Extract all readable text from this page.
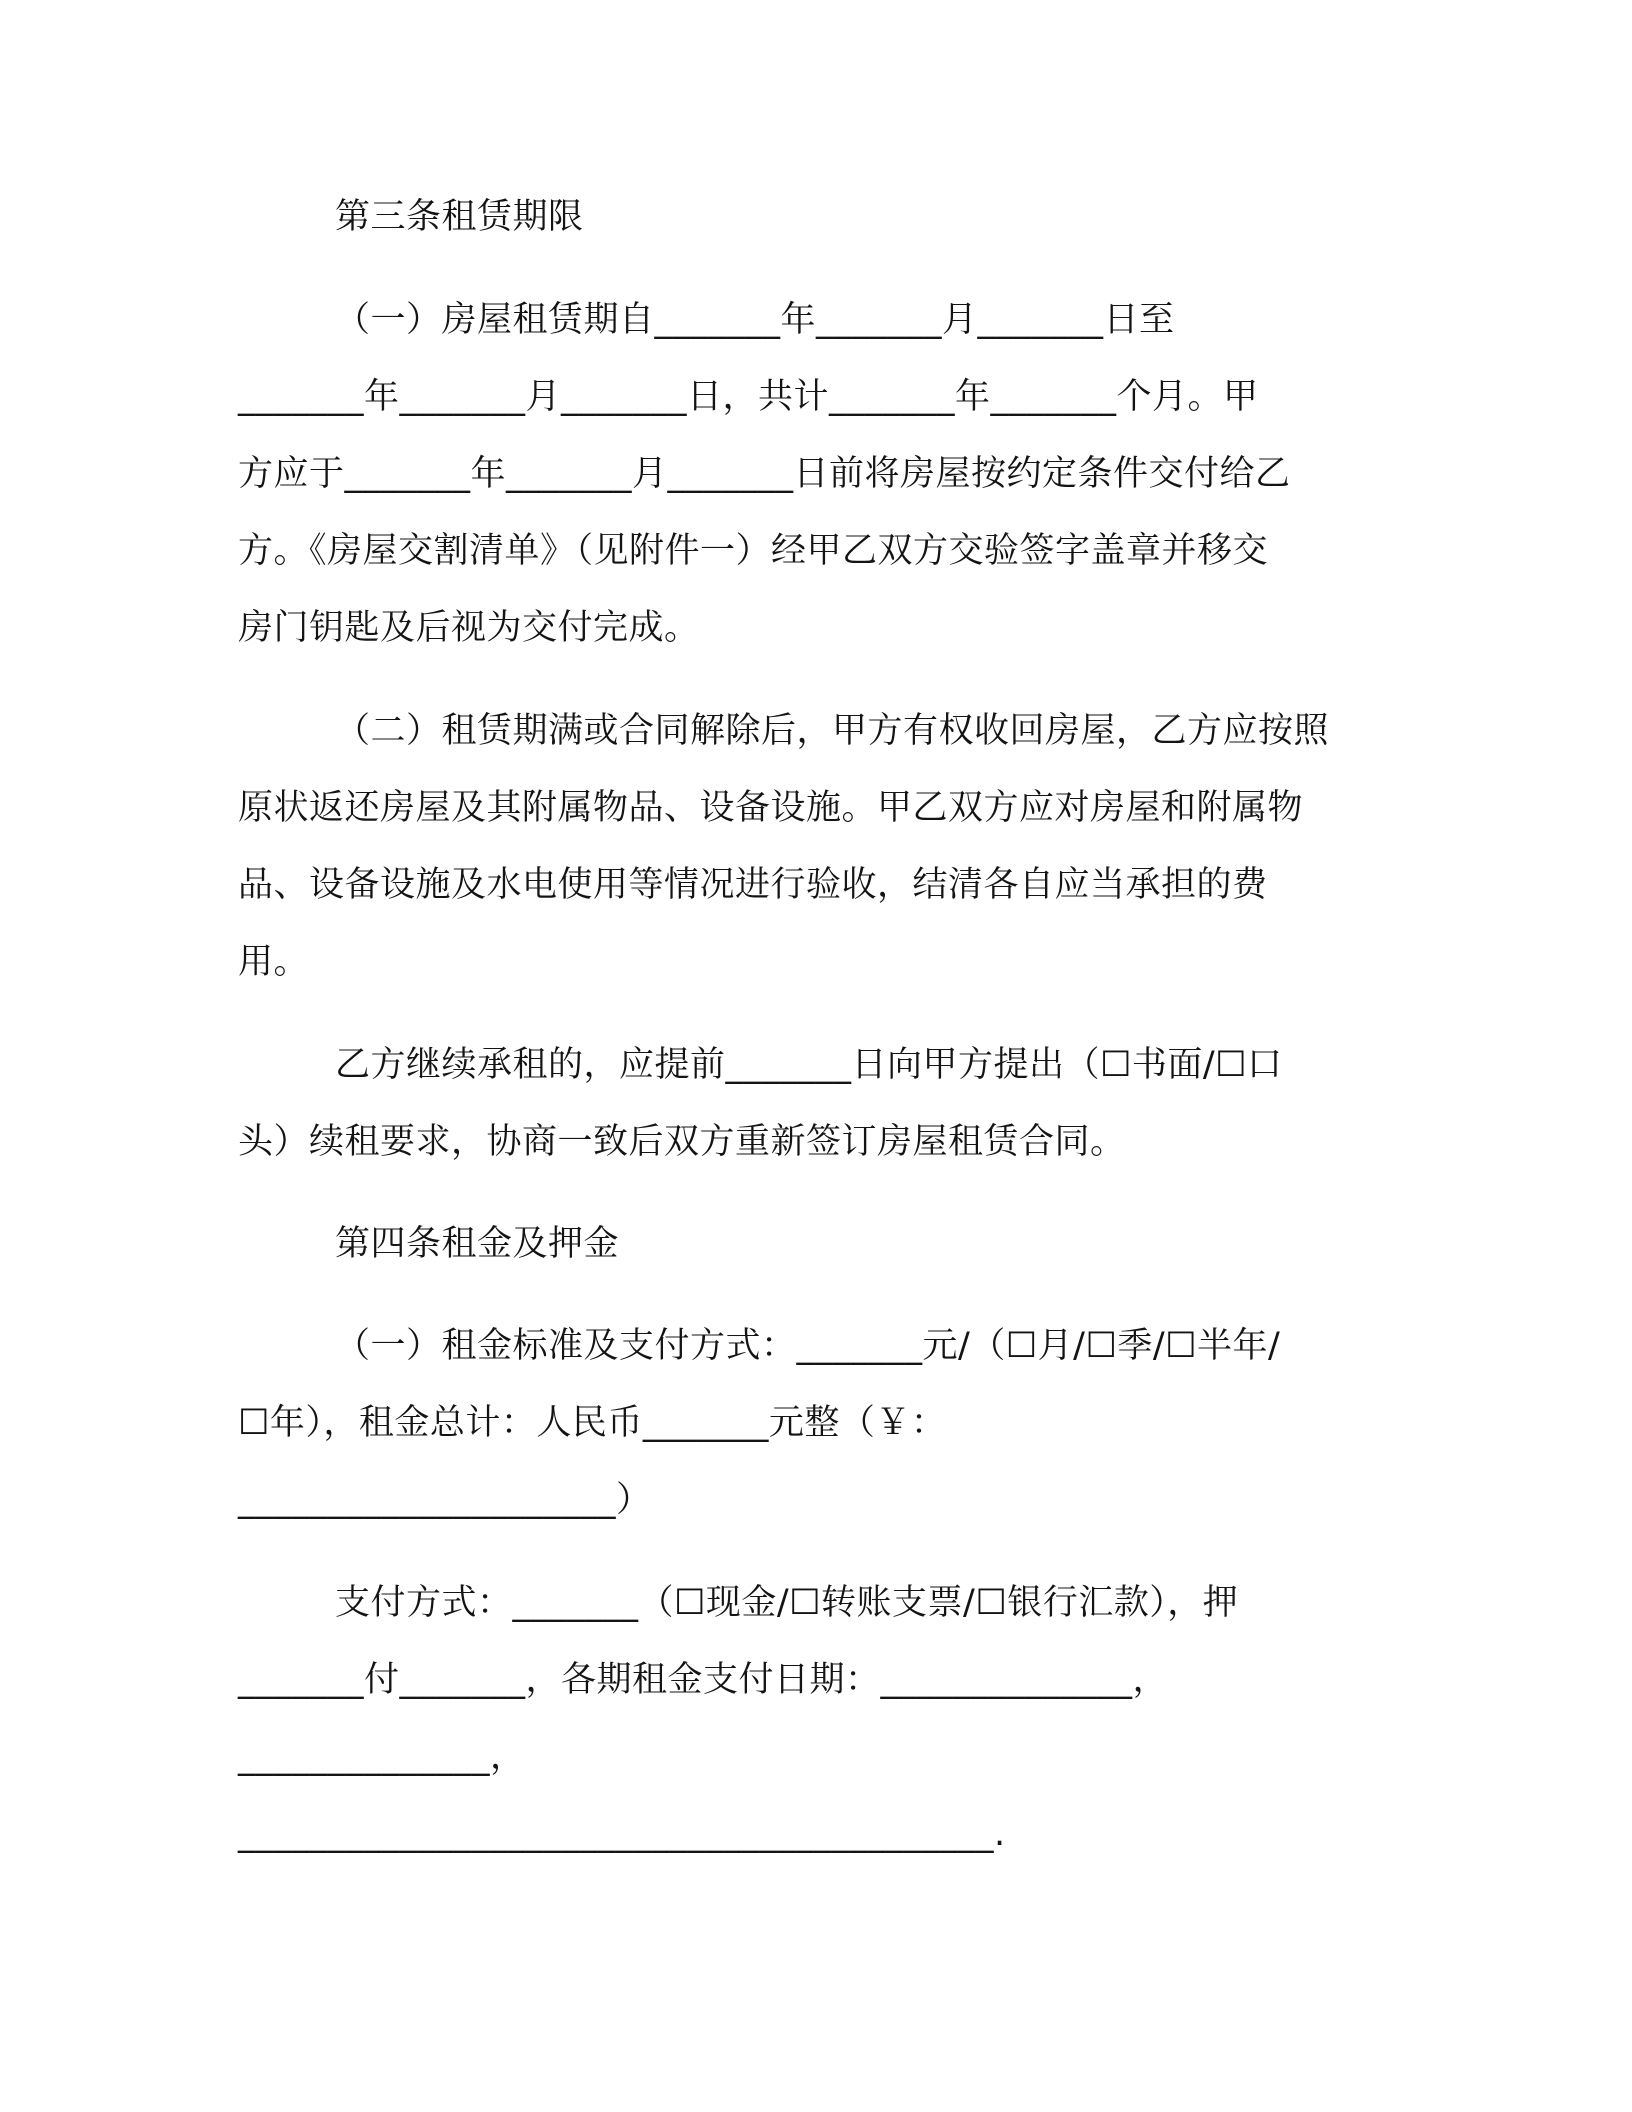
第三条租赁期限
（一）房屋租赁期自_______年_______月_______日至
_______年_______月_______日，共计_______年_______个月。甲
方应于_______年_______月_______日前将房屋按约定条件交付给乙
方。《房屋交割清单》（见附件一）经甲乙双方交验签字盖章并移交
房门钥匙及后视为交付完成。
（二）租赁期满或合同解除后，甲方有权收回房屋，乙方应按照
原状返还房屋及其附属物品、设备设施。甲乙双方应对房屋和附属物
品、设备设施及水电使用等情况进行验收，结清各自应当承担的费
用。
乙方继续承租的，应提前_______日向甲方提出（☐书面/☐口
头）续租要求，协商一致后双方重新签订房屋租赁合同。
第四条租金及押金
（一）租金标准及支付方式：_______元/（☐月/☐季/☐半年/
☐年），租金总计：人民币_______元整（￥：
_____________________）
支付方式：_______（☐现金/☐转账支票/☐银行汇款），押
_______付_______，各期租金支付日期：______________，
______________，
__________________________________________.
